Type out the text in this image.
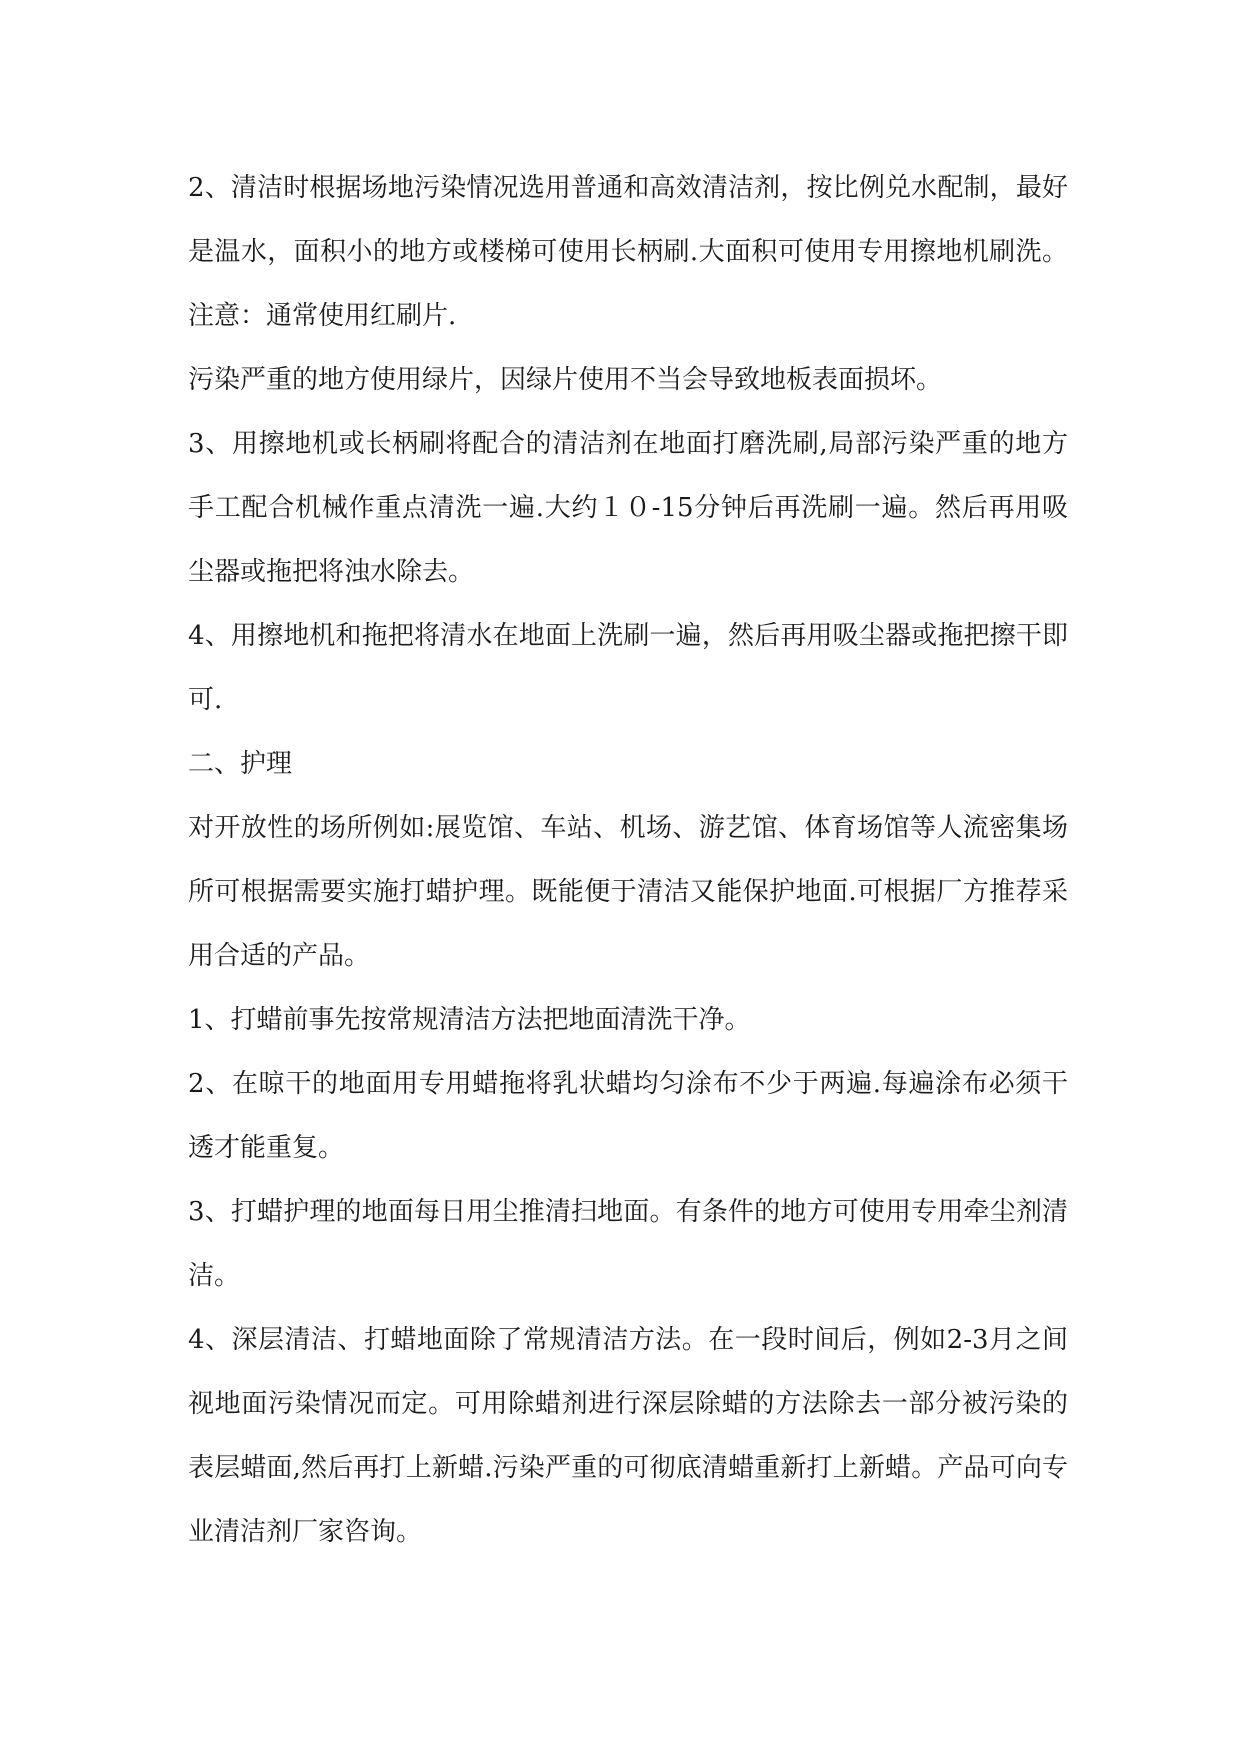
2、清洁时根据场地污染情况选用普通和高效清洁剂，按比例兑水配制，最好是温水，面积小的地方或楼梯可使用长柄刷.大面积可使用专用擦地机刷洗。注意：通常使用红刷片.

污染严重的地方使用绿片，因绿片使用不当会导致地板表面损坏。

3、用擦地机或长柄刷将配合的清洁剂在地面打磨洗刷,局部污染严重的地方手工配合机械作重点清洗一遍.大约１０-15分钟后再洗刷一遍。然后再用吸尘器或拖把将浊水除去。

4、用擦地机和拖把将清水在地面上洗刷一遍，然后再用吸尘器或拖把擦干即可.

二、护理

对开放性的场所例如:展览馆、车站、机场、游艺馆、体育场馆等人流密集场所可根据需要实施打蜡护理。既能便于清洁又能保护地面.可根据厂方推荐采用合适的产品。

1、打蜡前事先按常规清洁方法把地面清洗干净。

2、在晾干的地面用专用蜡拖将乳状蜡均匀涂布不少于两遍.每遍涂布必须干透才能重复。

3、打蜡护理的地面每日用尘推清扫地面。有条件的地方可使用专用牵尘剂清洁。

4、深层清洁、打蜡地面除了常规清洁方法。在一段时间后，例如2-3月之间视地面污染情况而定。可用除蜡剂进行深层除蜡的方法除去一部分被污染的表层蜡面,然后再打上新蜡.污染严重的可彻底清蜡重新打上新蜡。产品可向专业清洁剂厂家咨询。
